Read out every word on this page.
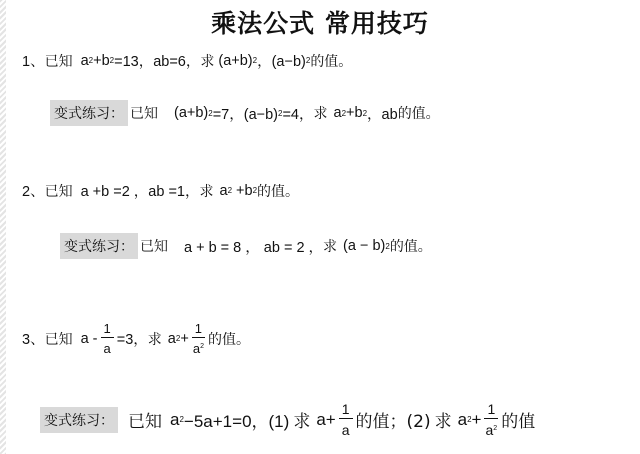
乘法公式 常用技巧
1、 已知 a 2 +b 2 =13，ab=6， 求 (a+b) 2 ，(a−b) 2 的值。
变式练习： 已知 (a+b) 2 =7，(a−b) 2 =4， 求 a 2 +b 2 ，ab 的值。
2、 已知 a +b =2 ，ab =1， 求 a 2 +b 2 的值。
变式练习： 已知 a + b = 8 ， ab = 2 ， 求 (a − b) 2 的值。
3、 已知 $a - \frac{1}{a} =3$， 求 a $2 + \frac{1}{a^2}$ 的值。
变式练习： 已知 a 2 −5a+1=0，(1) 求 $a+ \frac{1}{a}$ 的值；(2) 求 a $2 + \frac{1}{a^2}$ 的值
